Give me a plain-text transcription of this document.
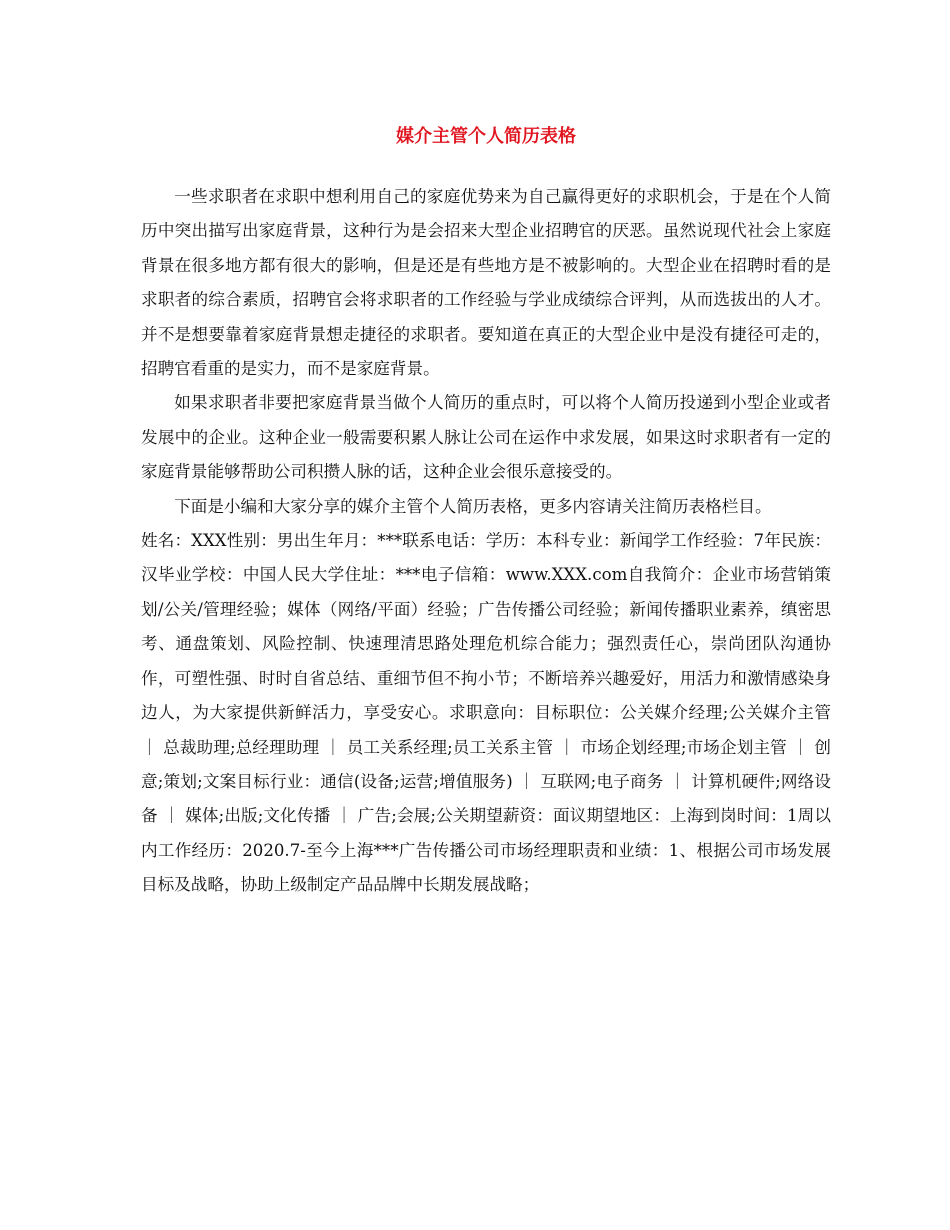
媒介主管个人简历表格

一些求职者在求职中想利用自己的家庭优势来为自己赢得更好的求职机会，于是在个人简历中突出描写出家庭背景，这种行为是会招来大型企业招聘官的厌恶。虽然说现代社会上家庭背景在很多地方都有很大的影响，但是还是有些地方是不被影响的。大型企业在招聘时看的是求职者的综合素质，招聘官会将求职者的工作经验与学业成绩综合评判，从而选拔出的人才。并不是想要靠着家庭背景想走捷径的求职者。要知道在真正的大型企业中是没有捷径可走的，招聘官看重的是实力，而不是家庭背景。

如果求职者非要把家庭背景当做个人简历的重点时，可以将个人简历投递到小型企业或者发展中的企业。这种企业一般需要积累人脉让公司在运作中求发展，如果这时求职者有一定的家庭背景能够帮助公司积攒人脉的话，这种企业会很乐意接受的。

下面是小编和大家分享的媒介主管个人简历表格，更多内容请关注简历表格栏目。

姓名：XXX性别：男出生年月：***联系电话：学历：本科专业：新闻学工作经验：7年民族：汉毕业学校：中国人民大学住址：***电子信箱：www.XXX.com自我简介：企业市场营销策划/公关/管理经验；媒体（网络/平面）经验；广告传播公司经验；新闻传播职业素养，缜密思考、通盘策划、风险控制、快速理清思路处理危机综合能力；强烈责任心，崇尚团队沟通协作，可塑性强、时时自省总结、重细节但不拘小节；不断培养兴趣爱好，用活力和激情感染身边人，为大家提供新鲜活力，享受安心。求职意向：目标职位：公关媒介经理;公关媒介主管 ｜ 总裁助理;总经理助理 ｜ 员工关系经理;员工关系主管 ｜ 市场企划经理;市场企划主管 ｜ 创意;策划;文案目标行业：通信(设备;运营;增值服务) ｜ 互联网;电子商务 ｜ 计算机硬件;网络设备 ｜ 媒体;出版;文化传播 ｜ 广告;会展;公关期望薪资：面议期望地区：上海到岗时间：1周以内工作经历：2020.7-至今上海***广告传播公司市场经理职责和业绩：1、根据公司市场发展目标及战略，协助上级制定产品品牌中长期发展战略；
